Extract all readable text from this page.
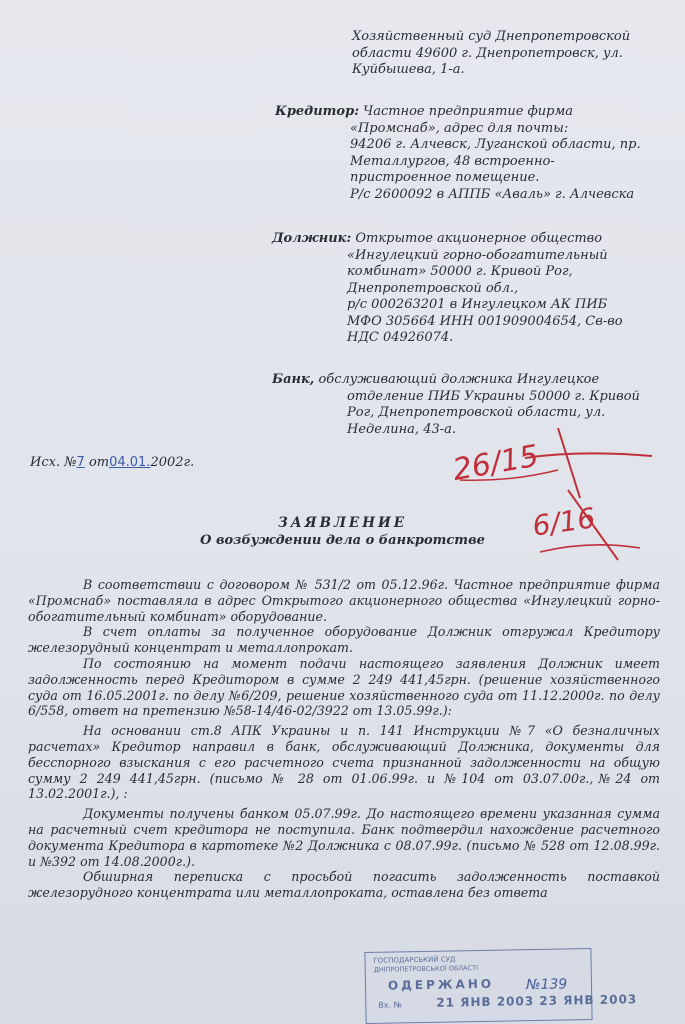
Хозяйственный суд Днепропетровской

области 49600 г. Днепропетровск, ул.

Куйбышева, 1-а.

Кредитор: Частное предприятие фирма

«Промснаб», адрес для почты:

94206 г. Алчевск, Луганской области, пр.

Металлургов, 48 встроенно-

пристроенное помещение.

Р/с 2600092 в АППБ «Аваль» г. Алчевска

Должник: Открытое акционерное общество

«Ингулецкий горно-обогатительный

комбинат» 50000 г. Кривой Рог,

Днепропетровской обл.,

р/с 000263201 в Ингулецком АК ПИБ

МФО 305664 ИНН 001909004654, Св-во

НДС 04926074.

Банк, обслуживающий должника Ингулецкое

отделение ПИБ Украины 50000 г. Кривой

Рог, Днепропетровской области, ул.

Неделина, 43-а.

Исх. №7 от04.01.2002г.	26/15
6/16
ЗАЯВЛЕНИЕ
О возбуждении дела о банкротстве

В соответствии с договором № 531/2 от 05.12.96г. Частное предприятие фирма «Промснаб» поставляла в адрес Открытого акционерного общества «Ингулецкий горно-обогатительный комбинат» оборудование.

В счет оплаты за полученное оборудование Должник отгружал Кредитору железорудный концентрат и металлопрокат.

По состоянию на момент подачи настоящего заявления Должник имеет задолженность перед Кредитором в сумме 2 249 441,45грн. (решение хозяйственного суда от 16.05.2001г. по делу №6/209, решение хозяйственного суда от 11.12.2000г. по делу 6/558, ответ на претензию №58-14/46-02/3922 от 13.05.99г.):

На основании ст.8 АПК Украины и п. 141 Инструкции №7 «О безналичных расчетах» Кредитор направил в банк, обслуживающий Должника, документы для бесспорного взыскания с его расчетного счета признанной задолженности на общую сумму 2 249 441,45грн. (письмо № 28 от 01.06.99г. и №104 от 03.07.00г.,№24 от 13.02.2001г.), :

Документы получены банком 05.07.99г. До настоящего времени указанная сумма на расчетный счет кредитора не поступила. Банк подтвердил нахождение расчетного документа Кредитора в картотеке №2 Должника с 08.07.99г. (письмо № 528 от 12.08.99г. и №392 от 14.08.2000г.).

Обширная переписка с просьбой погасить задолженность поставкой железорудного концентрата или металлопроката, оставлена без ответа

ГОСПОДАРСЬКИЙ СУД
ДНІПРОПЕТРОВСЬКОЇ ОБЛАСТІ
ОДЕРЖАНО №139
Вх. №	21 ЯНВ 2003 23 ЯНВ 2003
